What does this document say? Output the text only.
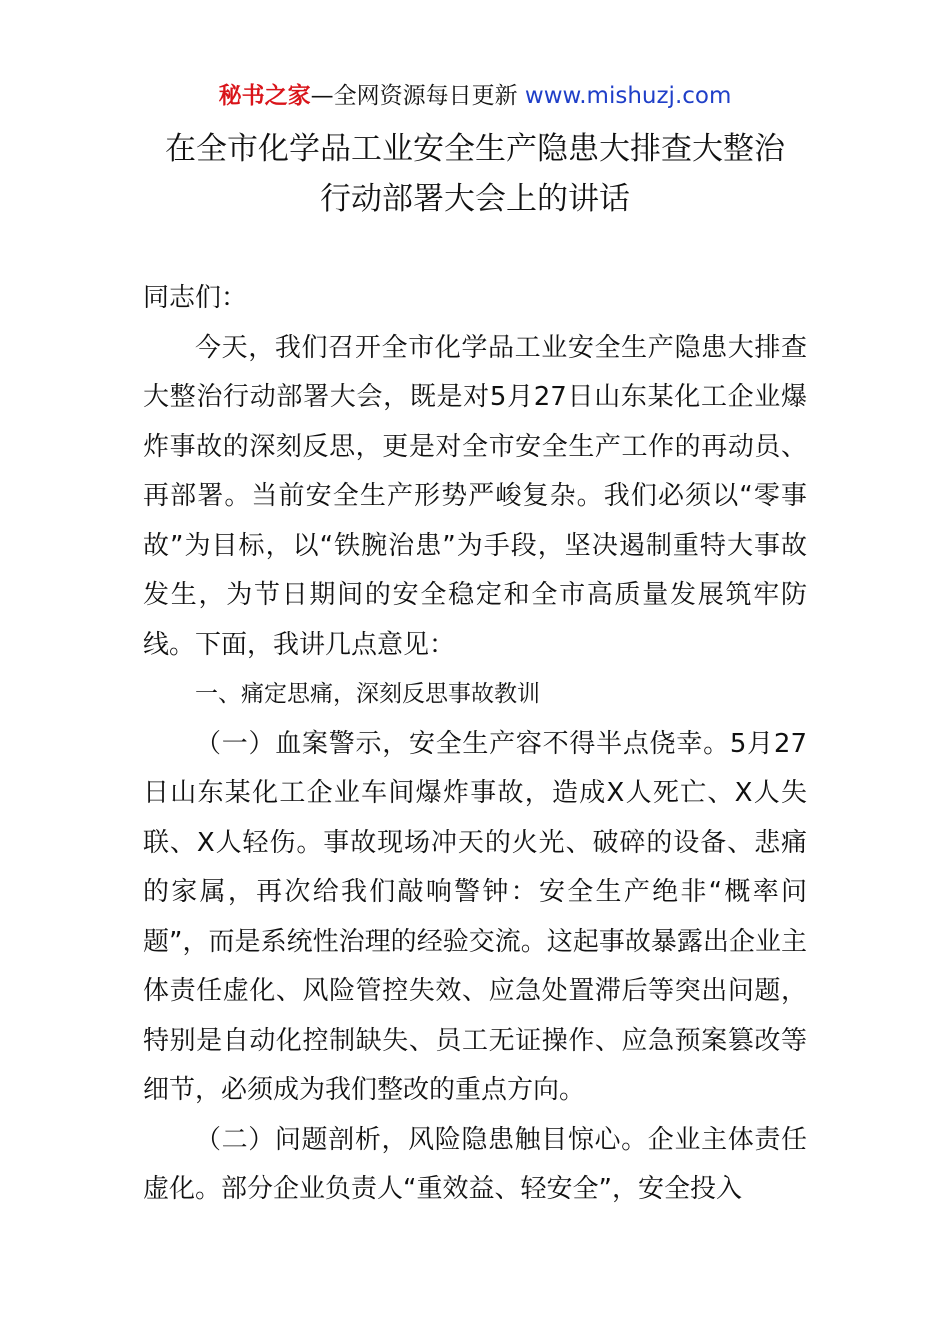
秘书之家—全网资源每日更新 www.mishuzj.com
在全市化学品工业安全生产隐患大排查大整治
行动部署大会上的讲话

同志们：

今天，我们召开全市化学品工业安全生产隐患大排查大整治行动部署大会，既是对5月27日山东某化工企业爆炸事故的深刻反思，更是对全市安全生产工作的再动员、再部署。当前安全生产形势严峻复杂。我们必须以“零事故”为目标，以“铁腕治患”为手段，坚决遏制重特大事故发生，为节日期间的安全稳定和全市高质量发展筑牢防线。下面，我讲几点意见：

一、痛定思痛，深刻反思事故教训

（一）血案警示，安全生产容不得半点侥幸。5月27日山东某化工企业车间爆炸事故，造成X人死亡、X人失联、X人轻伤。事故现场冲天的火光、破碎的设备、悲痛的家属，再次给我们敲响警钟：安全生产绝非“概率问题”，而是系统性治理的经验交流。这起事故暴露出企业主体责任虚化、风险管控失效、应急处置滞后等突出问题，特别是自动化控制缺失、员工无证操作、应急预案篡改等细节，必须成为我们整改的重点方向。

（二）问题剖析，风险隐患触目惊心。企业主体责任虚化。部分企业负责人“重效益、轻安全”，安全投入
